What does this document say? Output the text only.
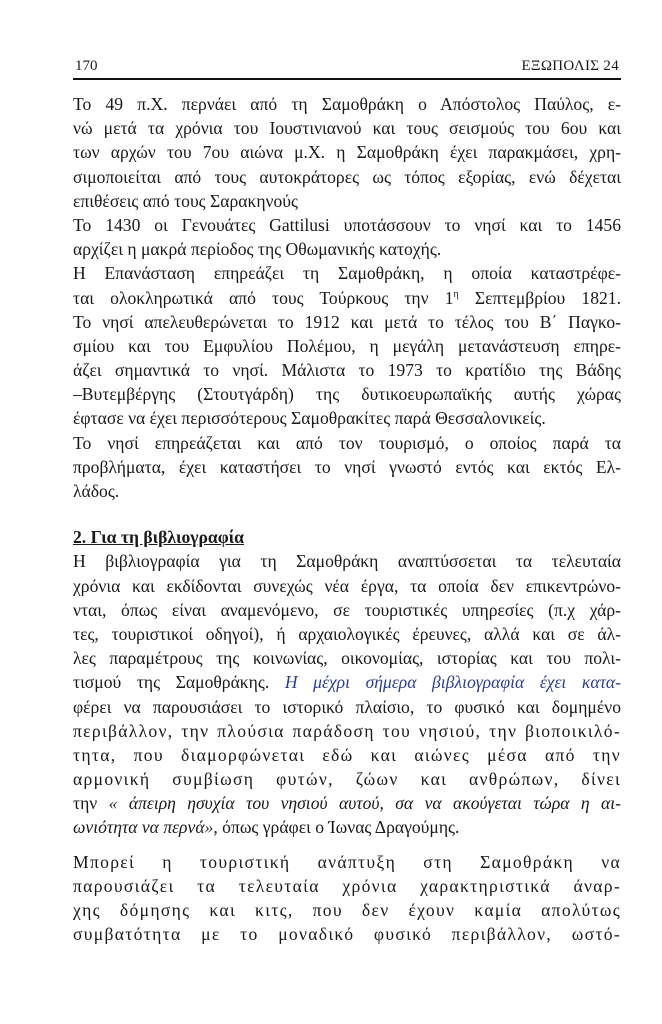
170	ΕΞΩΠΟΛΙΣ 24
Το 49 π.Χ. περνάει από τη Σαμοθράκη ο Απόστολος Παύλος, ε-
νώ μετά τα χρόνια του Ιουστινιανού και τους σεισμούς του 6ου και
των αρχών του 7ου αιώνα μ.Χ. η Σαμοθράκη έχει παρακμάσει, χρη-
σιμοποιείται από τους αυτοκράτορες ως τόπος εξορίας, ενώ δέχεται
επιθέσεις από τους Σαρακηνούς
Το 1430 οι Γενουάτες Gattilusi υποτάσσουν το νησί και το 1456
αρχίζει η μακρά περίοδος της Οθωμανικής κατοχής.
Η Επανάσταση επηρεάζει τη Σαμοθράκη, η οποία καταστρέφε-
ται ολοκληρωτικά από τους Τούρκους την $1^\eta$ Σεπτεμβρίου 1821.
Το νησί απελευθερώνεται το 1912 και μετά το τέλος του Β΄ Παγκο-
σμίου και του Εμφυλίου Πολέμου, η μεγάλη μετανάστευση επηρε-
άζει σημαντικά το νησί. Μάλιστα το 1973 το κρατίδιο της Βάδης
–Βυτεμβέργης (Στουτγάρδη) της δυτικοευρωπαϊκής αυτής χώρας
έφτασε να έχει περισσότερους Σαμοθρακίτες παρά Θεσσαλονικείς.
Το νησί επηρεάζεται και από τον τουρισμό, ο οποίος παρά τα
προβλήματα, έχει καταστήσει το νησί γνωστό εντός και εκτός Ελ-
λάδος.
2. Για τη βιβλιογραφία
Η βιβλιογραφία για τη Σαμοθράκη αναπτύσσεται τα τελευταία
χρόνια και εκδίδονται συνεχώς νέα έργα, τα οποία δεν επικεντρώνο-
νται, όπως είναι αναμενόμενο, σε τουριστικές υπηρεσίες (π.χ χάρ-
τες, τουριστικοί οδηγοί), ή αρχαιολογικές έρευνες, αλλά και σε άλ-
λες παραμέτρους της κοινωνίας, οικονομίας, ιστορίας και του πολι-
τισμού της Σαμοθράκης. Η μέχρι σήμερα βιβλιογραφία έχει κατα-
φέρει να παρουσιάσει το ιστορικό πλαίσιο, το φυσικό και δομημένο
περιβάλλον, την πλούσια παράδοση του νησιού, την βιοποικιλό-
τητα, που διαμορφώνεται εδώ και αιώνες μέσα από την
αρμονική συμβίωση φυτών, ζώων και ανθρώπων, δίνει
την « άπειρη ησυχία του νησιού αυτού, σα να ακούγεται τώρα η αι-
ωνιότητα να περνά», όπως γράφει ο Ίωνας Δραγούμης.
Μπορεί η τουριστική ανάπτυξη στη Σαμοθράκη να
παρουσιάζει τα τελευταία χρόνια χαρακτηριστικά άναρ-
χης δόμησης και κιτς, που δεν έχουν καμία απολύτως
συμβατότητα με το μοναδικό φυσικό περιβάλλον, ωστό-
